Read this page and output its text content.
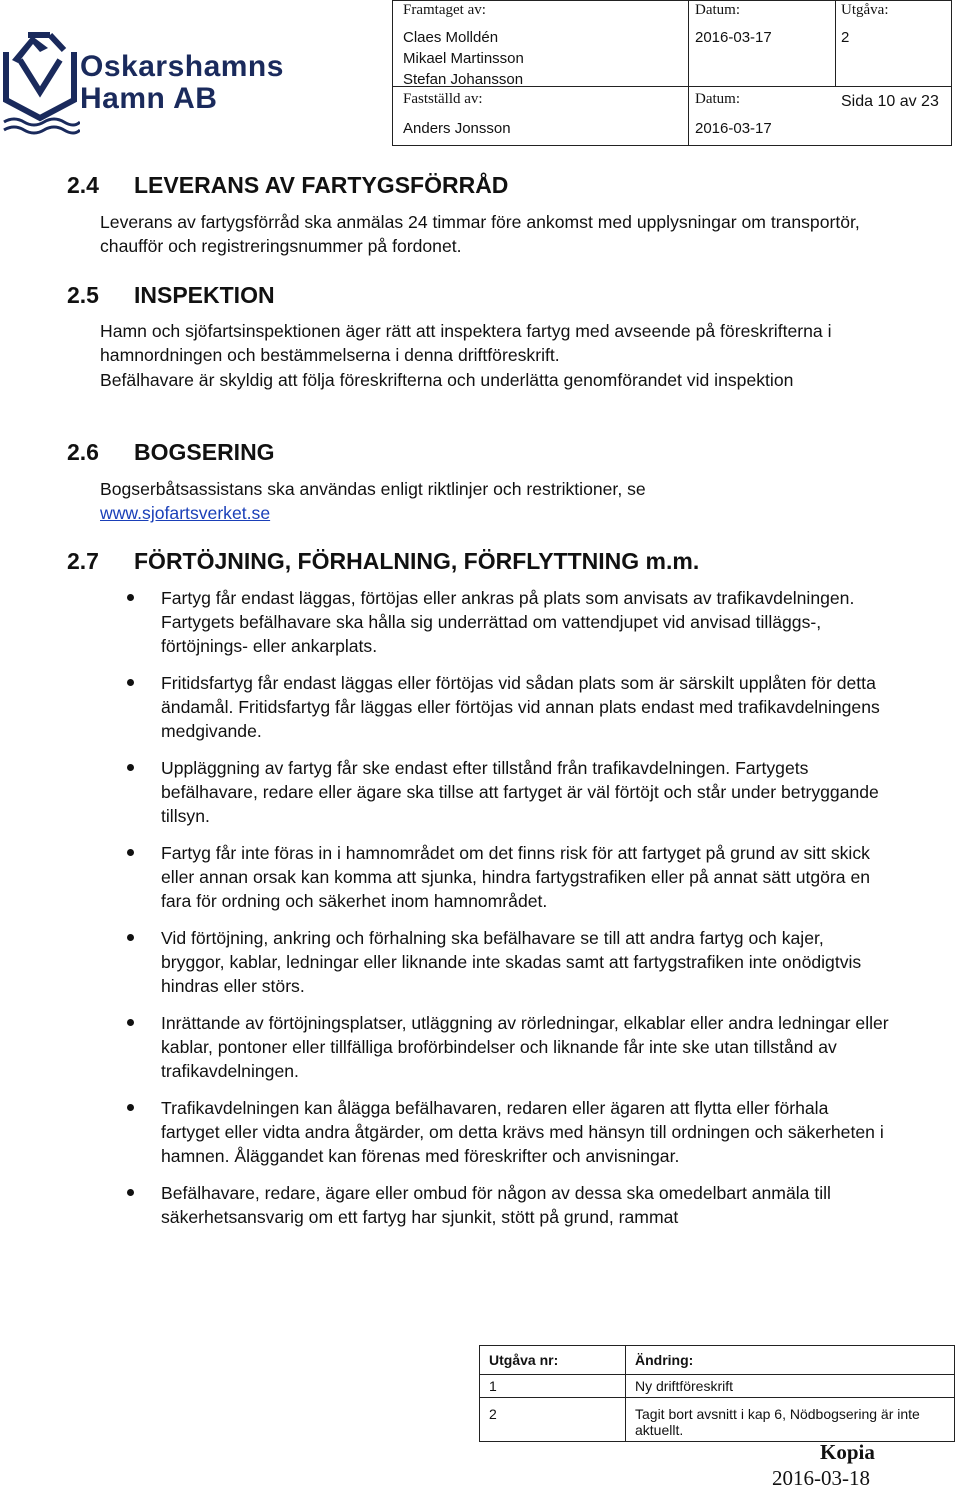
Oskarshamns
Hamn AB
Framtaget av:	Datum:	Utgåva:
Claes Molldén
Mikael Martinsson
Stefan Johansson
2016-03-17	2
Fastställd av:	Datum:	Sida 10 av 23
Anders Jonsson	2016-03-17
2.4 LEVERANS AV FARTYGSFÖRRÅD
Leverans av fartygsförråd ska anmälas 24 timmar före ankomst med upplysningar om transportör, chaufför och registreringsnummer på fordonet.
2.5 INSPEKTION
Hamn och sjöfartsinspektionen äger rätt att inspektera fartyg med avseende på föreskrifterna i hamnordningen och bestämmelserna i denna driftföreskrift.
Befälhavare är skyldig att följa föreskrifterna och underlätta genomförandet vid inspektion
2.6 BOGSERING
Bogserbåtsassistans ska användas enligt riktlinjer och restriktioner, se
www.sjofartsverket.se
2.7 FÖRTÖJNING, FÖRHALNING, FÖRFLYTTNING m.m.
Fartyg får endast läggas, förtöjas eller ankras på plats som anvisats av trafikavdelningen. Fartygets befälhavare ska hålla sig underrättad om vattendjupet vid anvisad tilläggs-, förtöjnings- eller ankarplats.
Fritidsfartyg får endast läggas eller förtöjas vid sådan plats som är särskilt upplåten för detta ändamål. Fritidsfartyg får läggas eller förtöjas vid annan plats endast med trafikavdelningens medgivande.
Uppläggning av fartyg får ske endast efter tillstånd från trafikavdelningen. Fartygets befälhavare, redare eller ägare ska tillse att fartyget är väl förtöjt och står under betryggande tillsyn.
Fartyg får inte föras in i hamnområdet om det finns risk för att fartyget på grund av sitt skick eller annan orsak kan komma att sjunka, hindra fartygstrafiken eller på annat sätt utgöra en fara för ordning och säkerhet inom hamnområdet.
Vid förtöjning, ankring och förhalning ska befälhavare se till att andra fartyg och kajer, bryggor, kablar, ledningar eller liknande inte skadas samt att fartygstrafiken inte onödigtvis hindras eller störs.
Inrättande av förtöjningsplatser, utläggning av rörledningar, elkablar eller andra ledningar eller kablar, pontoner eller tillfälliga broförbindelser och liknande får inte ske utan tillstånd av trafikavdelningen.
Trafikavdelningen kan ålägga befälhavaren, redaren eller ägaren att flytta eller förhala fartyget eller vidta andra åtgärder, om detta krävs med hänsyn till ordningen och säkerheten i hamnen. Åläggandet kan förenas med föreskrifter och anvisningar.
Befälhavare, redare, ägare eller ombud för någon av dessa ska omedelbart anmäla till säkerhetsansvarig om ett fartyg har sjunkit, stött på grund, rammat
Utgåva nr:	Ändring:
1	Ny driftföreskrift
2	Tagit bort avsnitt i kap 6, Nödbogsering är inte aktuellt.
Kopia
2016-03-18
